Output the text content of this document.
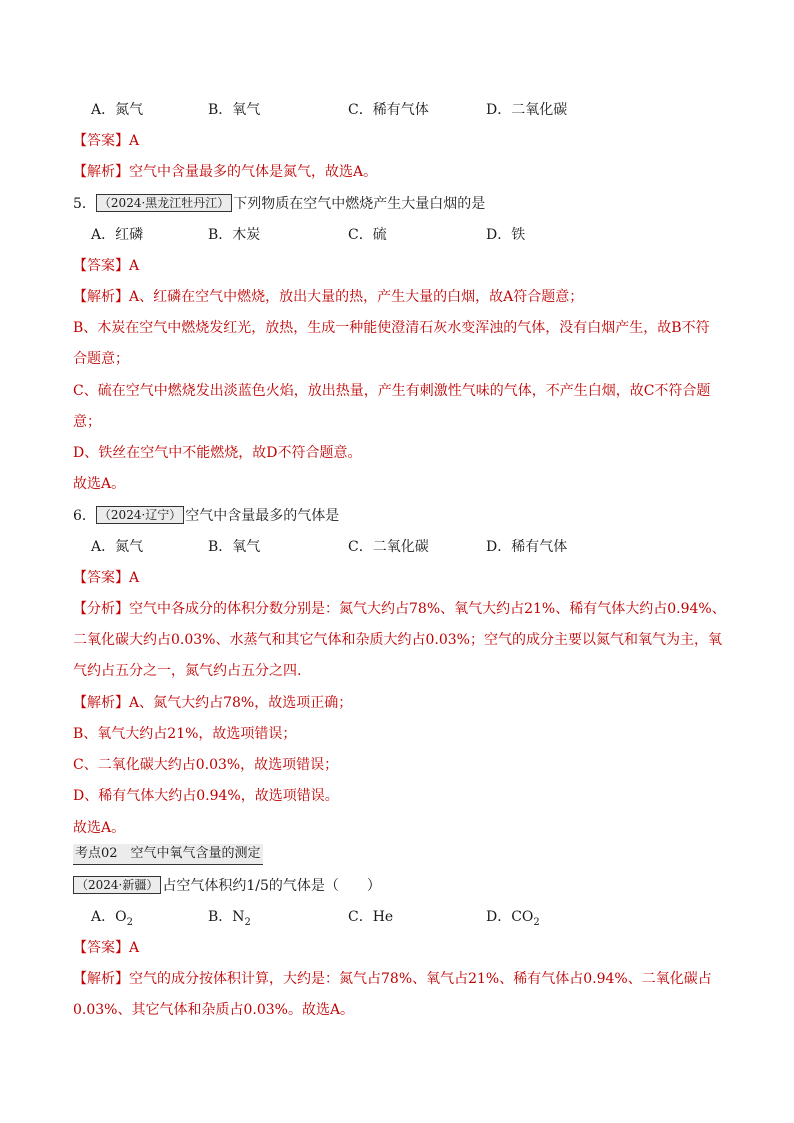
A．氮气	B．氧气	C．稀有气体	D．二氧化碳
【答案】A
【解析】空气中含量最多的气体是氮气，故选A。
5． （2024·黑龙江牡丹江） 下列物质在空气中燃烧产生大量白烟的是
A．红磷	B．木炭	C．硫	D．铁
【答案】A
【解析】A、红磷在空气中燃烧，放出大量的热，产生大量的白烟，故A符合题意；
B、木炭在空气中燃烧发红光，放热，生成一种能使澄清石灰水变浑浊的气体，没有白烟产生，故B不符
合题意；
C、硫在空气中燃烧发出淡蓝色火焰，放出热量，产生有刺激性气味的气体，不产生白烟，故C不符合题
意；
D、铁丝在空气中不能燃烧，故D不符合题意。
故选A。
6． （2024·辽宁） 空气中含量最多的气体是
A．氮气	B．氧气	C．二氧化碳	D．稀有气体
【答案】A
【分析】空气中各成分的体积分数分别是：氮气大约占78%、氧气大约占21%、稀有气体大约占0.94%、
二氧化碳大约占0.03%、水蒸气和其它气体和杂质大约占0.03%；空气的成分主要以氮气和氧气为主，氧
气约占五分之一，氮气约占五分之四.
【解析】A、氮气大约占78%，故选项正确；
B、氧气大约占21%，故选项错误；
C、二氧化碳大约占0.03%，故选项错误；
D、稀有气体大约占0.94%，故选项错误。
故选A。
考点02　空气中氧气含量的测定
（2024·新疆） 占空气体积约1/5的气体是（　　）
A．$O_2$	B．$N_2$	C．He	D．$CO_2$
【答案】A
【解析】空气的成分按体积计算，大约是：氮气占78%、氧气占21%、稀有气体占0.94%、二氧化碳占
0.03%、其它气体和杂质占0.03%。故选A。
